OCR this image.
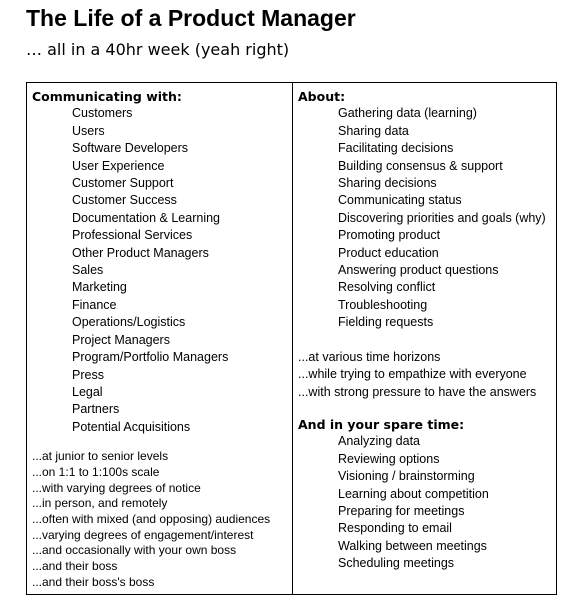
The Life of a Product Manager
… all in a 40hr week (yeah right)
Communicating with:
Customers
Users
Software Developers
User Experience
Customer Support
Customer Success
Documentation & Learning
Professional Services
Other Product Managers
Sales
Marketing
Finance
Operations/Logistics
Project Managers
Program/Portfolio Managers
Press
Legal
Partners
Potential Acquisitions
...at junior to senior levels
...on 1:1 to 1:100s scale
...with varying degrees of notice
...in person, and remotely
...often with mixed (and opposing) audiences
...varying degrees of engagement/interest
...and occasionally with your own boss
...and their boss
...and their boss's boss
About:
Gathering data (learning)
Sharing data
Facilitating decisions
Building consensus & support
Sharing decisions
Communicating status
Discovering priorities and goals (why)
Promoting product
Product education
Answering product questions
Resolving conflict
Troubleshooting
Fielding requests
...at various time horizons
...while trying to empathize with everyone
...with strong pressure to have the answers
And in your spare time:
Analyzing data
Reviewing options
Visioning / brainstorming
Learning about competition
Preparing for meetings
Responding to email
Walking between meetings
Scheduling meetings
